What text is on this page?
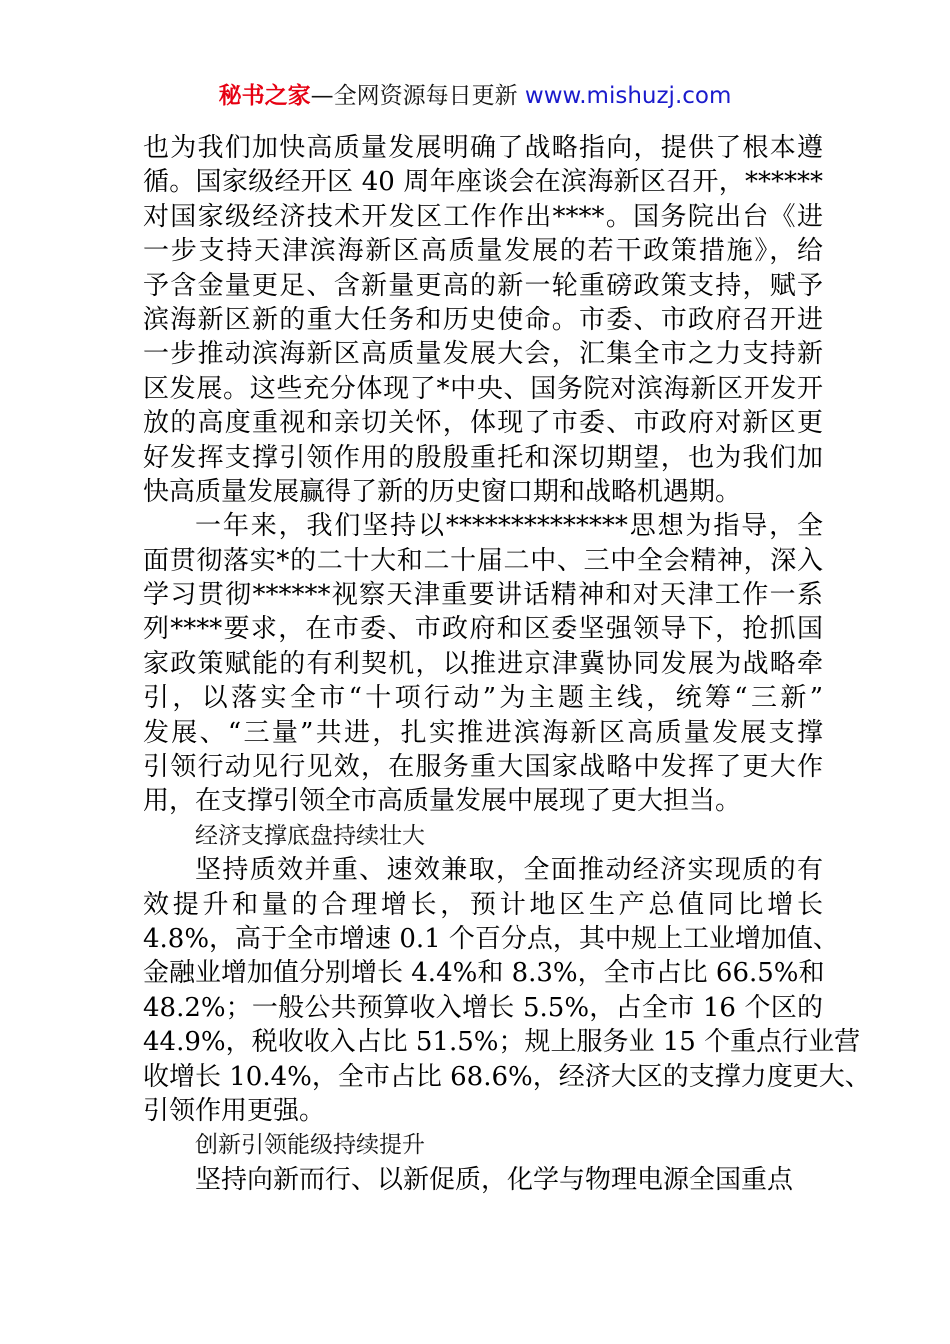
秘书之家—全网资源每日更新 www.mishuzj.com
也为我们加快高质量发展明确了战略指向，提供了根本遵
循。国家级经开区 40 周年座谈会在滨海新区召开，******
对国家级经济技术开发区工作作出****。国务院出台《进
一步支持天津滨海新区高质量发展的若干政策措施》，给
予含金量更足、含新量更高的新一轮重磅政策支持，赋予
滨海新区新的重大任务和历史使命。市委、市政府召开进
一步推动滨海新区高质量发展大会，汇集全市之力支持新
区发展。这些充分体现了*中央、国务院对滨海新区开发开
放的高度重视和亲切关怀，体现了市委、市政府对新区更
好发挥支撑引领作用的殷殷重托和深切期望，也为我们加
快高质量发展赢得了新的历史窗口期和战略机遇期。
一年来，我们坚持以**************思想为指导，全
面贯彻落实*的二十大和二十届二中、三中全会精神，深入
学习贯彻******视察天津重要讲话精神和对天津工作一系
列****要求，在市委、市政府和区委坚强领导下，抢抓国
家政策赋能的有利契机，以推进京津冀协同发展为战略牵
引，以落实全市“十项行动”为主题主线，统筹“三新”
发展、“三量”共进，扎实推进滨海新区高质量发展支撑
引领行动见行见效，在服务重大国家战略中发挥了更大作
用，在支撑引领全市高质量发展中展现了更大担当。
经济支撑底盘持续壮大
坚持质效并重、速效兼取，全面推动经济实现质的有
效提升和量的合理增长，预计地区生产总值同比增长
4.8%，高于全市增速 0.1 个百分点，其中规上工业增加值、
金融业增加值分别增长 4.4%和 8.3%，全市占比 66.5%和
48.2%；一般公共预算收入增长 5.5%，占全市 16 个区的
44.9%，税收收入占比 51.5%；规上服务业 15 个重点行业营
收增长 10.4%，全市占比 68.6%，经济大区的支撑力度更大、
引领作用更强。
创新引领能级持续提升
坚持向新而行、以新促质，化学与物理电源全国重点
